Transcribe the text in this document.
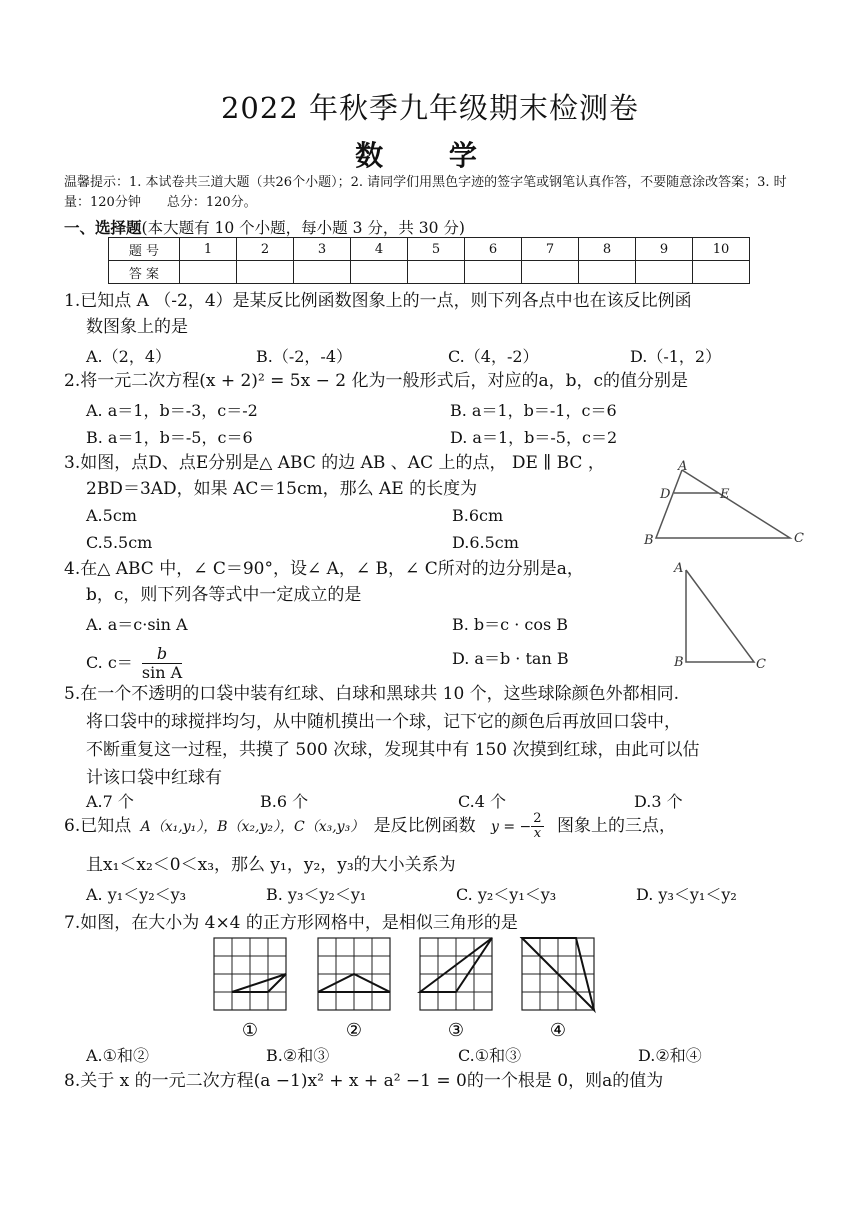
2022 年秋季九年级期末检测卷
数 学
温馨提示：1. 本试卷共三道大题（共26个小题）；2. 请同学们用黑色字迹的签字笔或钢笔认真作答，不要随意涂改答案；3. 时量：120分钟　　总分：120分。
一、选择题(本大题有 10 个小题，每小题 3 分，共 30 分)
题 号	1	2	3	4	5	6	7	8	9	10
答 案										
1.已知点 A （-2，4）是某反比例函数图象上的一点，则下列各点中也在该反比例函
数图象上的是
A.（2，4）	B.（-2，-4）	C.（4，-2）	D.（-1，2）
2.将一元二次方程(x + 2)² = 5x − 2 化为一般形式后，对应的a，b，c的值分别是
A. a＝1，b＝-3，c＝-2	B. a＝1，b＝-1，c＝6
B. a＝1，b＝-5，c＝6	D. a＝1，b＝-5，c＝2
3.如图，点D、点E分别是△ ABC 的边 AB 、AC 上的点， DE ∥ BC ，
2BD＝3AD，如果 AC＝15cm，那么 AE 的长度为
A.5cm	B.6cm
C.5.5cm	D.6.5cm
A
D	E
B	C
4.在△ ABC 中，∠ C＝90°，设∠ A，∠ B，∠ C所对的边分别是a，
b，c，则下列各等式中一定成立的是
A. a＝c·sin A	B. b＝c · cos B
C. $c= \frac{b}{\text{sin A}}$	D. a＝b · tan B
A
B	C
5.在一个不透明的口袋中装有红球、白球和黑球共 10 个，这些球除颜色外都相同.
将口袋中的球搅拌均匀，从中随机摸出一个球，记下它的颜色后再放回口袋中，
不断重复这一过程，共摸了 500 次球，发现其中有 150 次摸到红球，由此可以估
计该口袋中红球有
A.7 个	B.6 个	C.4 个	D.3 个
6.已知点 A（x₁,y₁），B（x₂,y₂），C（x₃,y₃） 是反比例函数 y = − $\frac{2}{x}$ 图象上的三点，
且x₁＜x₂＜0＜x₃，那么 y₁，y₂，y₃的大小关系为
A. y₁＜y₂＜y₃	B. y₃＜y₂＜y₁	C. y₂＜y₁＜y₃	D. y₃＜y₁＜y₂
7.如图，在大小为 4×4 的正方形网格中，是相似三角形的是
①	②	③	④
A.①和②	B.②和③	C.①和③	D.②和④
8.关于 x 的一元二次方程(a −1)x² + x + a² −1 = 0的一个根是 0，则a的值为
